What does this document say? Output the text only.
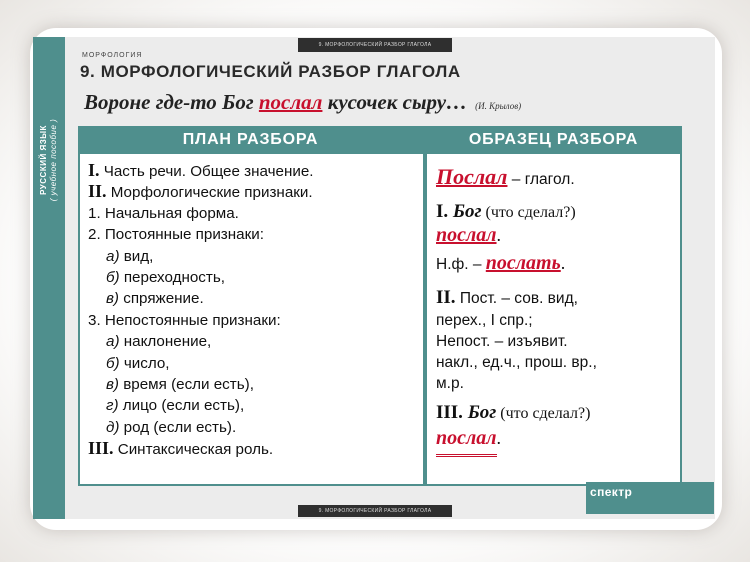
РУССКИЙ ЯЗЫК ( учебное пособие )
9. МОРФОЛОГИЧЕСКИЙ РАЗБОР ГЛАГОЛА
МОРФОЛОГИЯ
9. МОРФОЛОГИЧЕСКИЙ РАЗБОР ГЛАГОЛА
Вороне где-то Бог послал кусочек сыру… (И. Крылов)
ПЛАН РАЗБОРА	ОБРАЗЕЦ РАЗБОРА
I. Часть речи. Общее значение.
II. Морфологические признаки.
1. Начальная форма.
2. Постоянные признаки:
а) вид,
б) переходность,
в) спряжение.
3. Непостоянные признаки:
а) наклонение,
б) число,
в) время (если есть),
г) лицо (если есть),
д) род (если есть).
III. Синтаксическая роль.
Послал – глагол.
I. Бог (что сделал?)
послал.
Н.ф. – послать.
II. Пост. – сов. вид,
перех., I спр.;
Непост. – изъявит.
накл., ед.ч., прош. вр.,
м.р.
III. Бог (что сделал?)
послал.
9. МОРФОЛОГИЧЕСКИЙ РАЗБОР ГЛАГОЛА
спектр
